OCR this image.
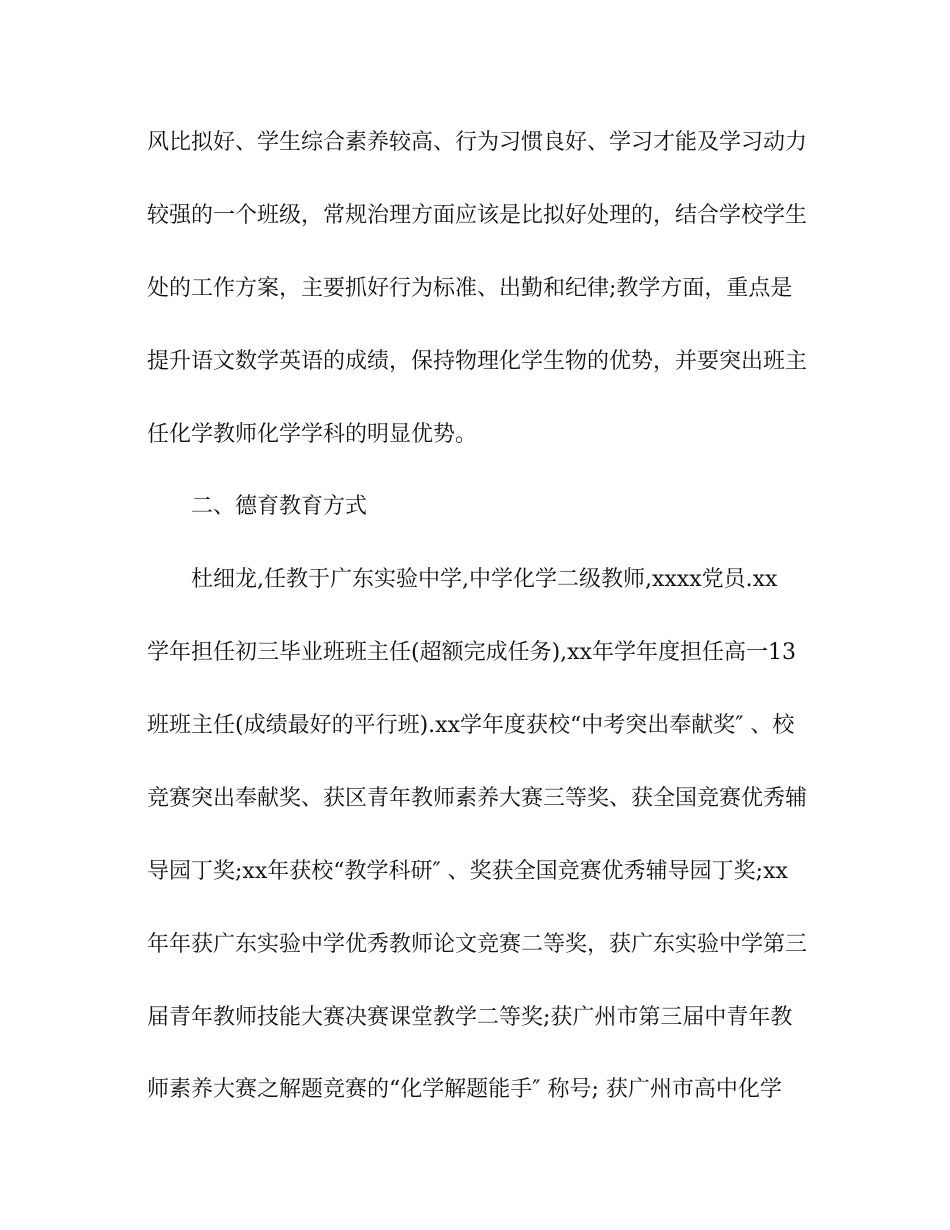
风比拟好、学生综合素养较高、行为习惯良好、学习才能及学习动力
较强的一个班级，常规治理方面应该是比拟好处理的，结合学校学生
处的工作方案，主要抓好行为标准、出勤和纪律;教学方面，重点是
提升语文数学英语的成绩，保持物理化学生物的优势，并要突出班主
任化学教师化学学科的明显优势。
二、德育教育方式
杜细龙,任教于广东实验中学,中学化学二级教师,xxxx党员.xx
学年担任初三毕业班班主任(超额完成任务),xx年学年度担任高一13
班班主任(成绩最好的平行班).xx学年度获校“中考突出奉献奖″ 、校
竞赛突出奉献奖、获区青年教师素养大赛三等奖、获全国竞赛优秀辅
导园丁奖;xx年获校“教学科研″ 、奖获全国竞赛优秀辅导园丁奖;xx
年年获广东实验中学优秀教师论文竞赛二等奖，获广东实验中学第三
届青年教师技能大赛决赛课堂教学二等奖;获广州市第三届中青年教
师素养大赛之解题竞赛的“化学解题能手″ 称号; 获广州市高中化学
